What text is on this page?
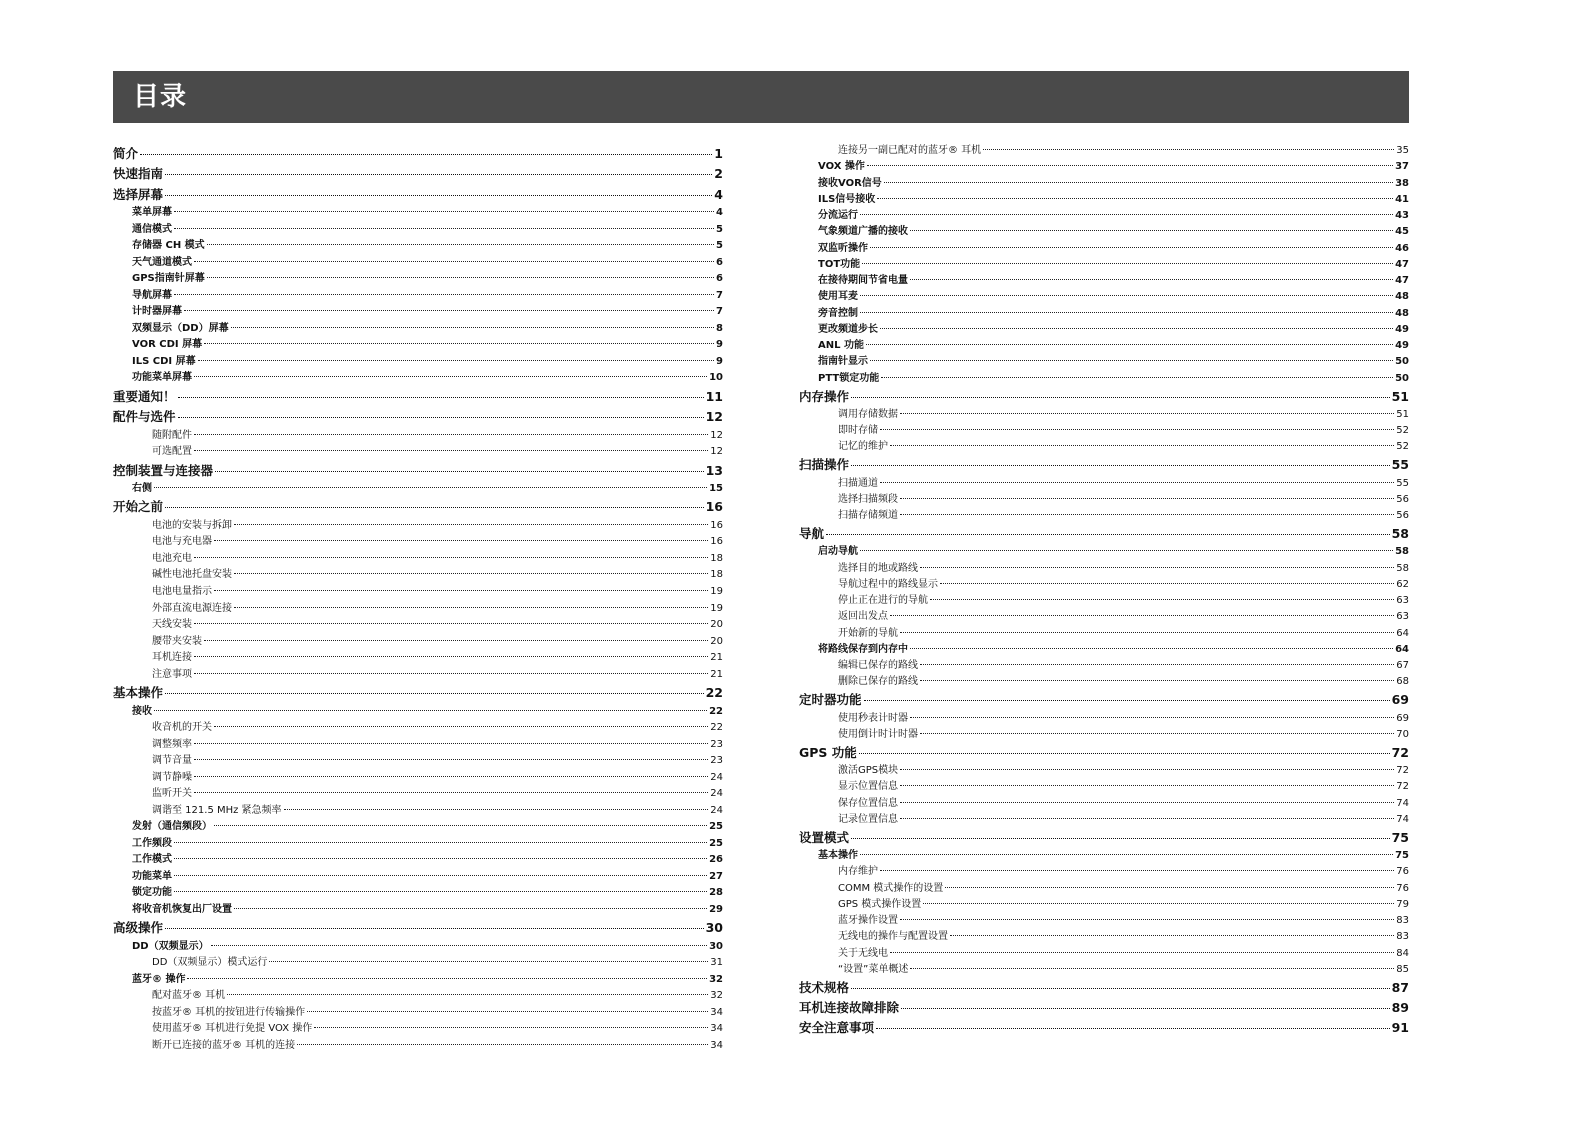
目录
简介	1
快速指南	2
选择屏幕	4
菜单屏幕	4
通信模式	5
存储器 CH 模式	5
天气通道模式	6
GPS指南针屏幕	6
导航屏幕	7
计时器屏幕	7
双频显示（DD）屏幕	8
VOR CDI 屏幕	9
ILS CDI 屏幕	9
功能菜单屏幕	10
重要通知！	11
配件与选件	12
随附配件	12
可选配置	12
控制装置与连接器	13
右侧	15
开始之前	16
电池的安装与拆卸	16
电池与充电器	16
电池充电	18
碱性电池托盘安装	18
电池电量指示	19
外部直流电源连接	19
天线安装	20
腰带夹安装	20
耳机连接	21
注意事项	21
基本操作	22
接收	22
收音机的开关	22
调整频率	23
调节音量	23
调节静噪	24
监听开关	24
调谐至 121.5 MHz 紧急频率	24
发射（通信频段）	25
工作频段	25
工作模式	26
功能菜单	27
锁定功能	28
将收音机恢复出厂设置	29
高级操作	30
DD（双频显示）	30
DD（双频显示）模式运行	31
蓝牙® 操作	32
配对蓝牙® 耳机	32
按蓝牙® 耳机的按钮进行传输操作	34
使用蓝牙® 耳机进行免提 VOX 操作	34
断开已连接的蓝牙® 耳机的连接	34
连接另一副已配对的蓝牙® 耳机	35
VOX 操作	37
接收VOR信号	38
ILS信号接收	41
分流运行	43
气象频道广播的接收	45
双监听操作	46
TOT功能	47
在接待期间节省电量	47
使用耳麦	48
旁音控制	48
更改频道步长	49
ANL 功能	49
指南针显示	50
PTT锁定功能	50
内存操作	51
调用存储数据	51
即时存储	52
记忆的维护	52
扫描操作	55
扫描通道	55
选择扫描频段	56
扫描存储频道	56
导航	58
启动导航	58
选择目的地或路线	58
导航过程中的路线显示	62
停止正在进行的导航	63
返回出发点	63
开始新的导航	64
将路线保存到内存中	64
编辑已保存的路线	67
删除已保存的路线	68
定时器功能	69
使用秒表计时器	69
使用倒计时计时器	70
GPS 功能	72
激活GPS模块	72
显示位置信息	72
保存位置信息	74
记录位置信息	74
设置模式	75
基本操作	75
内存维护	76
COMM 模式操作的设置	76
GPS 模式操作设置	79
蓝牙操作设置	83
无线电的操作与配置设置	83
关于无线电	84
“设置”菜单概述	85
技术规格	87
耳机连接故障排除	89
安全注意事项	91
